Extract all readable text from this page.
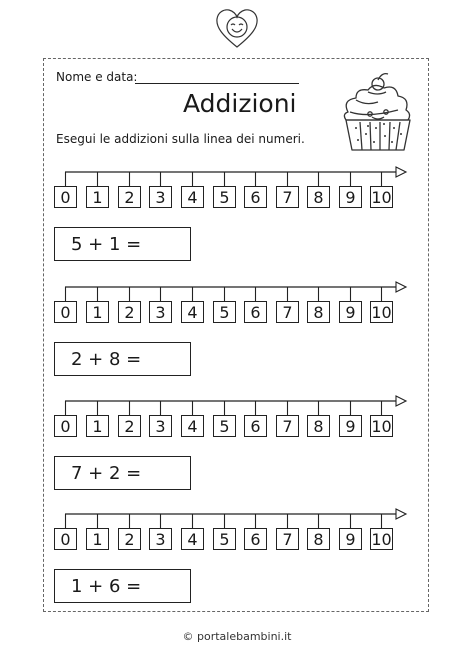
Nome e data:
Addizioni
Esegui le addizioni sulla linea dei numeri.
0	1	2	3	4	5	6	7	8	9 10
5 + 1 =
0	1	2	3	4	5	6	7	8	9 10
2 + 8 =
0	1	2	3	4	5	6	7	8	9 10
7 + 2 =
0	1	2	3	4	5	6	7	8	9 10
1 + 6 =
© portalebambini.it
